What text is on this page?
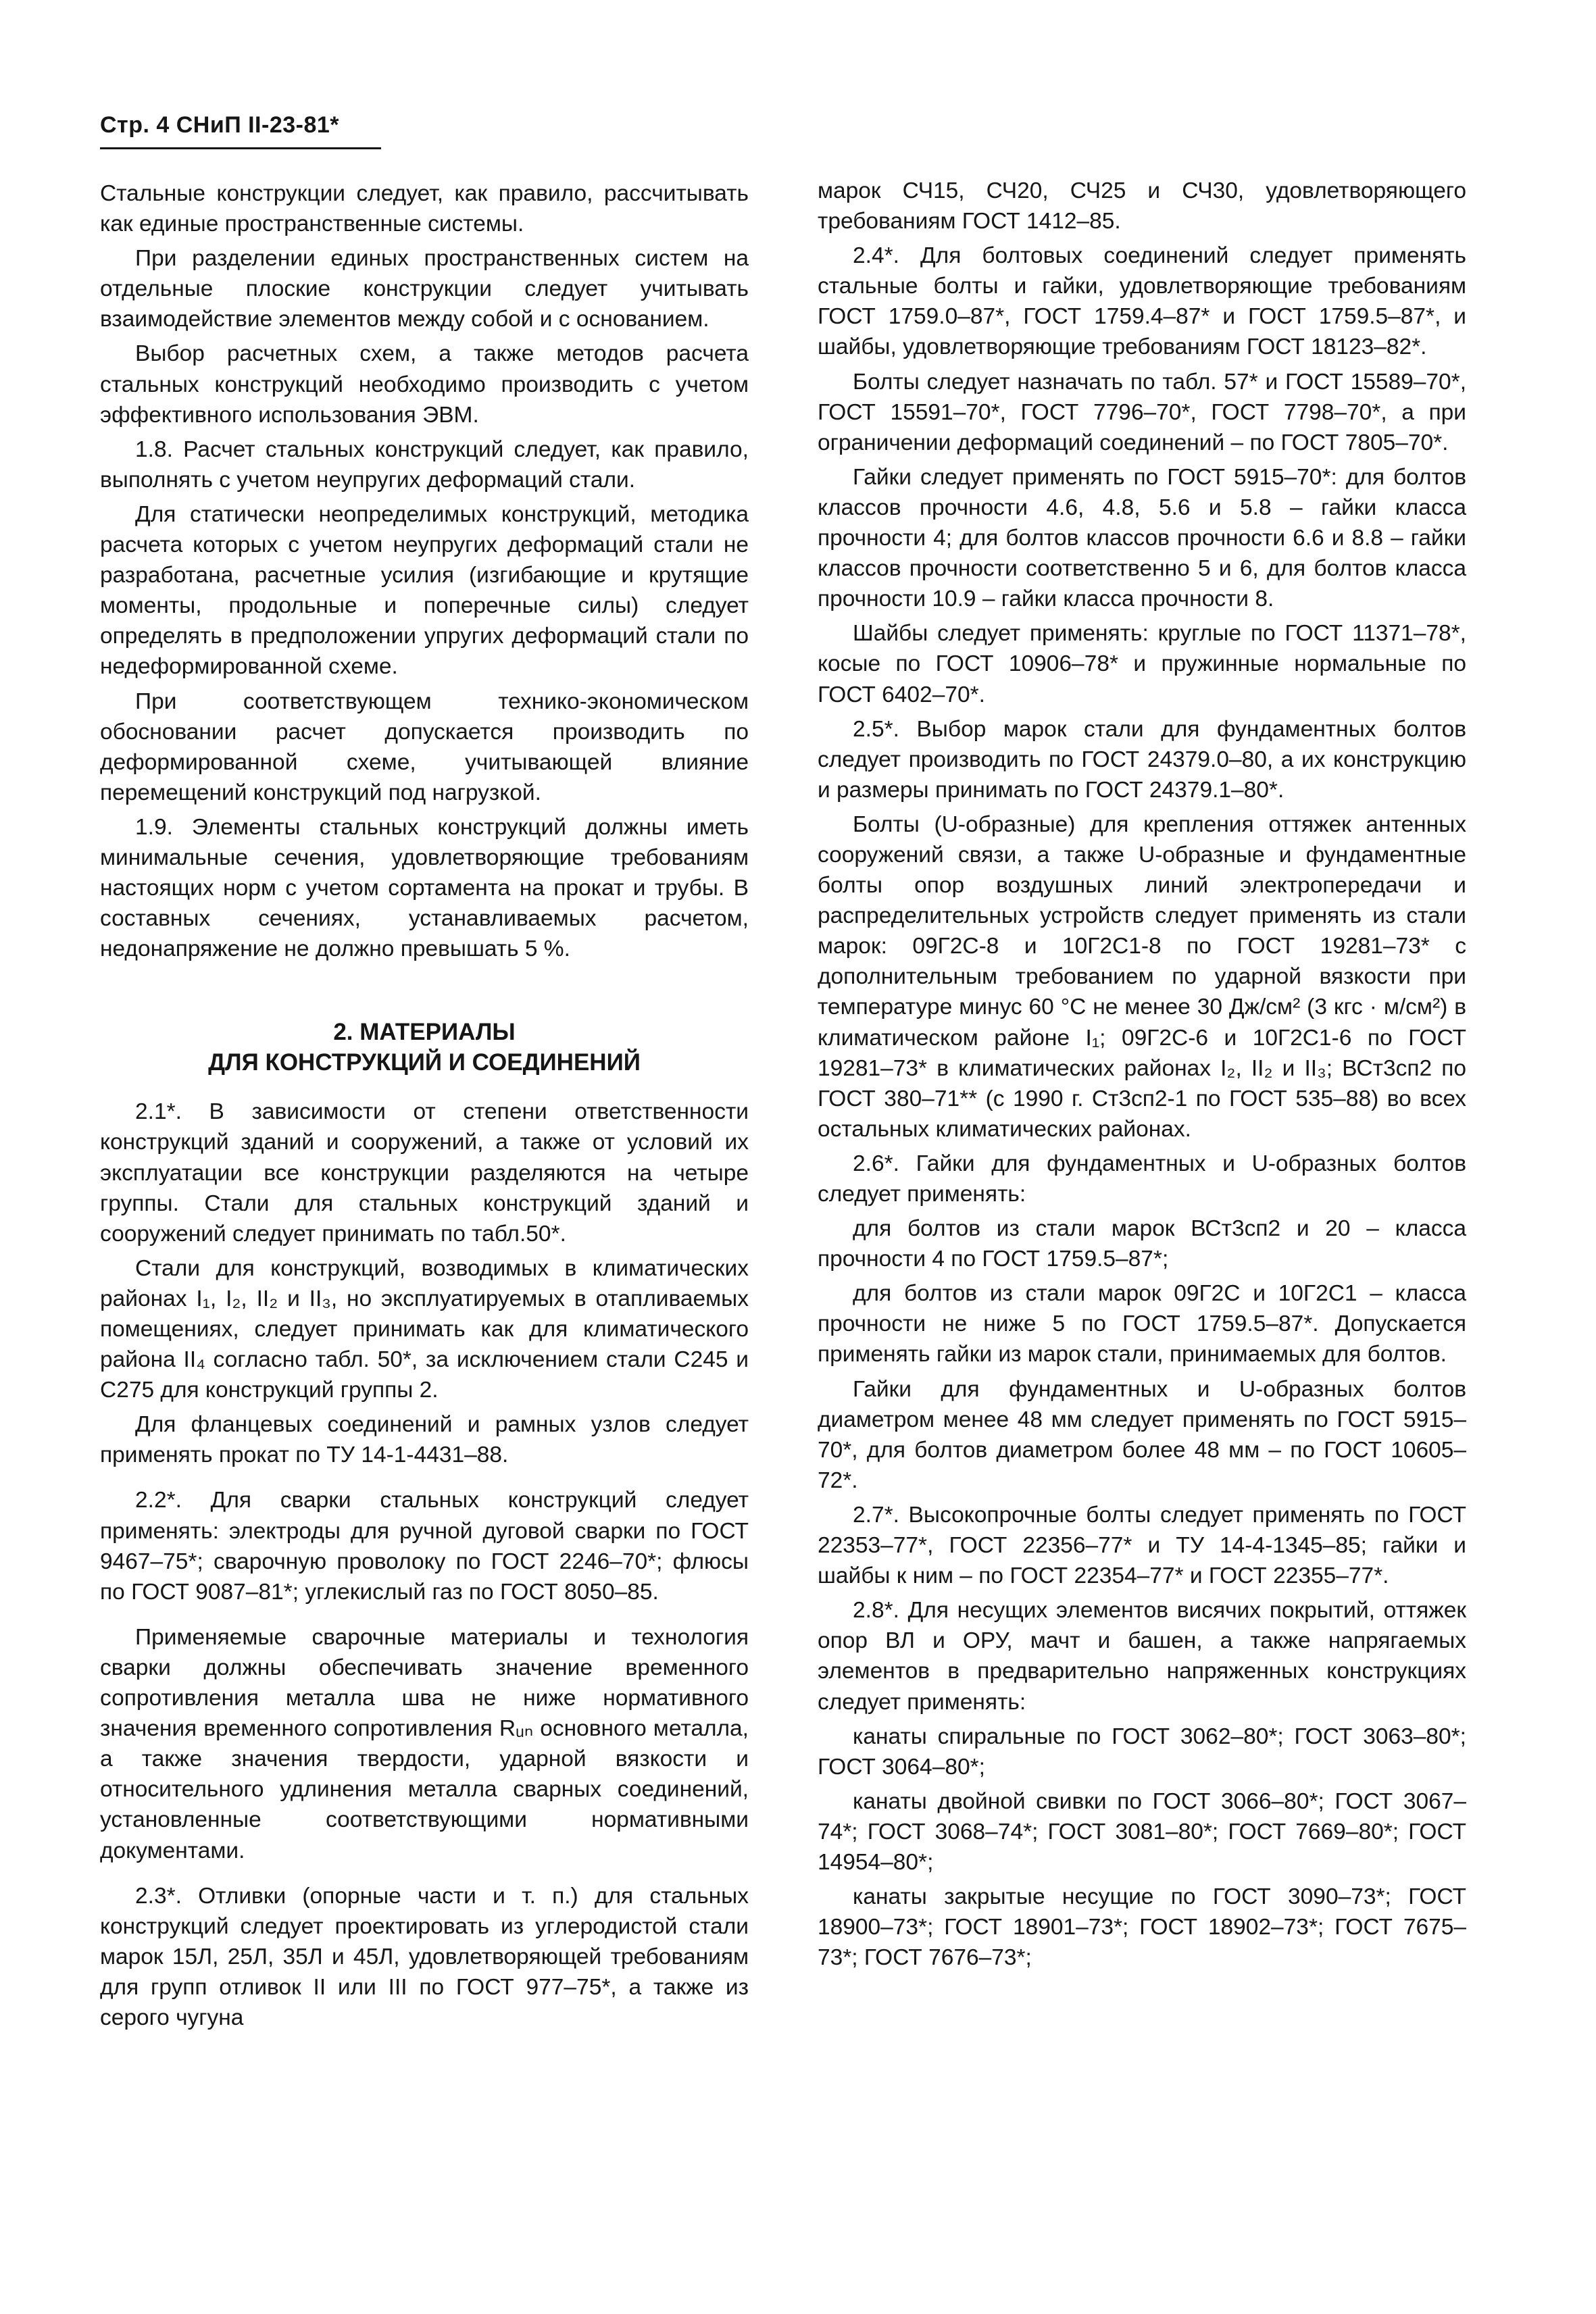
Стр. 4 СНиП II-23-81*

Стальные конструкции следует, как правило, рассчитывать как единые пространственные системы.

При разделении единых пространственных систем на отдельные плоские конструкции следует учитывать взаимодействие элементов между собой и с основанием.

Выбор расчетных схем, а также методов расчета стальных конструкций необходимо производить с учетом эффективного использования ЭВМ.

1.8. Расчет стальных конструкций следует, как правило, выполнять с учетом неупругих деформаций стали.

Для статически неопределимых конструкций, методика расчета которых с учетом неупругих деформаций стали не разработана, расчетные усилия (изгибающие и крутящие моменты, продольные и поперечные силы) следует определять в предположении упругих деформаций стали по недеформированной схеме.

При соответствующем технико-экономическом обосновании расчет допускается производить по деформированной схеме, учитывающей влияние перемещений конструкций под нагрузкой.

1.9. Элементы стальных конструкций должны иметь минимальные сечения, удовлетворяющие требованиям настоящих норм с учетом сортамента на прокат и трубы. В составных сечениях, устанавливаемых расчетом, недонапряжение не должно превышать 5 %.

2. МАТЕРИАЛЫ
ДЛЯ КОНСТРУКЦИЙ И СОЕДИНЕНИЙ

2.1*. В зависимости от степени ответственности конструкций зданий и сооружений, а также от условий их эксплуатации все конструкции разделяются на четыре группы. Стали для стальных конструкций зданий и сооружений следует принимать по табл.50*.

Стали для конструкций, возводимых в климатических районах I₁, I₂, II₂ и II₃, но эксплуатируемых в отапливаемых помещениях, следует принимать как для климатического района II₄ согласно табл. 50*, за исключением стали С245 и С275 для конструкций группы 2.

Для фланцевых соединений и рамных узлов следует применять прокат по ТУ 14-1-4431–88.

2.2*. Для сварки стальных конструкций следует применять: электроды для ручной дуговой сварки по ГОСТ 9467–75*; сварочную проволоку по ГОСТ 2246–70*; флюсы по ГОСТ 9087–81*; углекислый газ по ГОСТ 8050–85.

Применяемые сварочные материалы и технология сварки должны обеспечивать значение временного сопротивления металла шва не ниже нормативного значения временного сопротивления Rᵤₙ основного металла, а также значения твердости, ударной вязкости и относительного удлинения металла сварных соединений, установленные соответствующими нормативными документами.

2.3*. Отливки (опорные части и т. п.) для стальных конструкций следует проектировать из углеродистой стали марок 15Л, 25Л, 35Л и 45Л, удовлетворяющей требованиям для групп отливок II или III по ГОСТ 977–75*, а также из серого чугуна

марок СЧ15, СЧ20, СЧ25 и СЧ30, удовлетворяющего требованиям ГОСТ 1412–85.

2.4*. Для болтовых соединений следует применять стальные болты и гайки, удовлетворяющие требованиям ГОСТ 1759.0–87*, ГОСТ 1759.4–87* и ГОСТ 1759.5–87*, и шайбы, удовлетворяющие требованиям ГОСТ 18123–82*.

Болты следует назначать по табл. 57* и ГОСТ 15589–70*, ГОСТ 15591–70*, ГОСТ 7796–70*, ГОСТ 7798–70*, а при ограничении деформаций соединений – по ГОСТ 7805–70*.

Гайки следует применять по ГОСТ 5915–70*: для болтов классов прочности 4.6, 4.8, 5.6 и 5.8 – гайки класса прочности 4; для болтов классов прочности 6.6 и 8.8 – гайки классов прочности соответственно 5 и 6, для болтов класса прочности 10.9 – гайки класса прочности 8.

Шайбы следует применять: круглые по ГОСТ 11371–78*, косые по ГОСТ 10906–78* и пружинные нормальные по ГОСТ 6402–70*.

2.5*. Выбор марок стали для фундаментных болтов следует производить по ГОСТ 24379.0–80, а их конструкцию и размеры принимать по ГОСТ 24379.1–80*.

Болты (U-образные) для крепления оттяжек антенных сооружений связи, а также U-образные и фундаментные болты опор воздушных линий электропередачи и распределительных устройств следует применять из стали марок: 09Г2С-8 и 10Г2С1-8 по ГОСТ 19281–73* с дополнительным требованием по ударной вязкости при температуре минус 60 °С не менее 30 Дж/см² (3 кгс · м/см²) в климатическом районе I₁; 09Г2С-6 и 10Г2С1-6 по ГОСТ 19281–73* в климатических районах I₂, II₂ и II₃; ВСт3сп2 по ГОСТ 380–71** (с 1990 г. Ст3сп2-1 по ГОСТ 535–88) во всех остальных климатических районах.

2.6*. Гайки для фундаментных и U-образных болтов следует применять:

для болтов из стали марок ВСт3сп2 и 20 – класса прочности 4 по ГОСТ 1759.5–87*;

для болтов из стали марок 09Г2С и 10Г2С1 – класса прочности не ниже 5 по ГОСТ 1759.5–87*. Допускается применять гайки из марок стали, принимаемых для болтов.

Гайки для фундаментных и U-образных болтов диаметром менее 48 мм следует применять по ГОСТ 5915–70*, для болтов диаметром более 48 мм – по ГОСТ 10605–72*.

2.7*. Высокопрочные болты следует применять по ГОСТ 22353–77*, ГОСТ 22356–77* и ТУ 14-4-1345–85; гайки и шайбы к ним – по ГОСТ 22354–77* и ГОСТ 22355–77*.

2.8*. Для несущих элементов висячих покрытий, оттяжек опор ВЛ и ОРУ, мачт и башен, а также напрягаемых элементов в предварительно напряженных конструкциях следует применять:

канаты спиральные по ГОСТ 3062–80*; ГОСТ 3063–80*; ГОСТ 3064–80*;

канаты двойной свивки по ГОСТ 3066–80*; ГОСТ 3067–74*; ГОСТ 3068–74*; ГОСТ 3081–80*; ГОСТ 7669–80*; ГОСТ 14954–80*;

канаты закрытые несущие по ГОСТ 3090–73*; ГОСТ 18900–73*; ГОСТ 18901–73*; ГОСТ 18902–73*; ГОСТ 7675–73*; ГОСТ 7676–73*;
